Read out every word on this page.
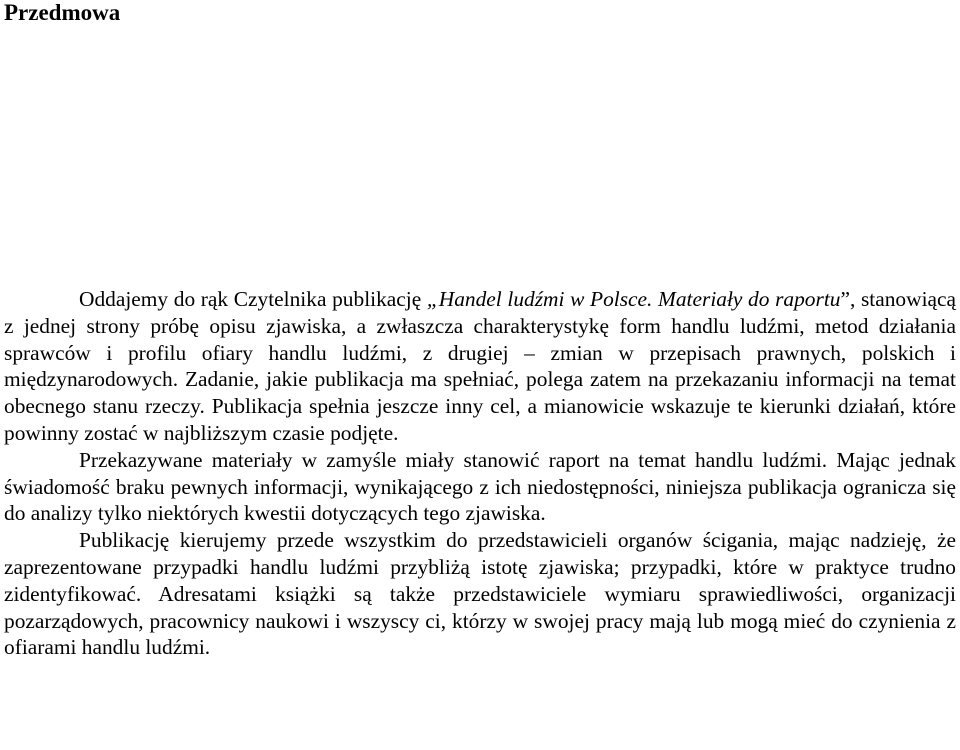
Przedmowa

Oddajemy do rąk Czytelnika publikację „Handel ludźmi w Polsce. Materiały do raportu”, stanowiącą z jednej strony próbę opisu zjawiska, a zwłaszcza charakterystykę form handlu ludźmi, metod działania sprawców i profilu ofiary handlu ludźmi, z drugiej – zmian w przepisach prawnych, polskich i międzynarodowych. Zadanie, jakie publikacja ma spełniać, polega zatem na przekazaniu informacji na temat obecnego stanu rzeczy. Publikacja spełnia jeszcze inny cel, a mianowicie wskazuje te kierunki działań, które powinny zostać w najbliższym czasie podjęte.

Przekazywane materiały w zamyśle miały stanowić raport na temat handlu ludźmi. Mając jednak świadomość braku pewnych informacji, wynikającego z ich niedostępności, niniejsza publikacja ogranicza się do analizy tylko niektórych kwestii dotyczących tego zjawiska.

Publikację kierujemy przede wszystkim do przedstawicieli organów ścigania, mając nadzieję, że zaprezentowane przypadki handlu ludźmi przybliżą istotę zjawiska; przypadki, które w praktyce trudno zidentyfikować. Adresatami książki są także przedstawiciele wymiaru sprawiedliwości, organizacji pozarządowych, pracownicy naukowi i wszyscy ci, którzy w swojej pracy mają lub mogą mieć do czynienia z ofiarami handlu ludźmi.
